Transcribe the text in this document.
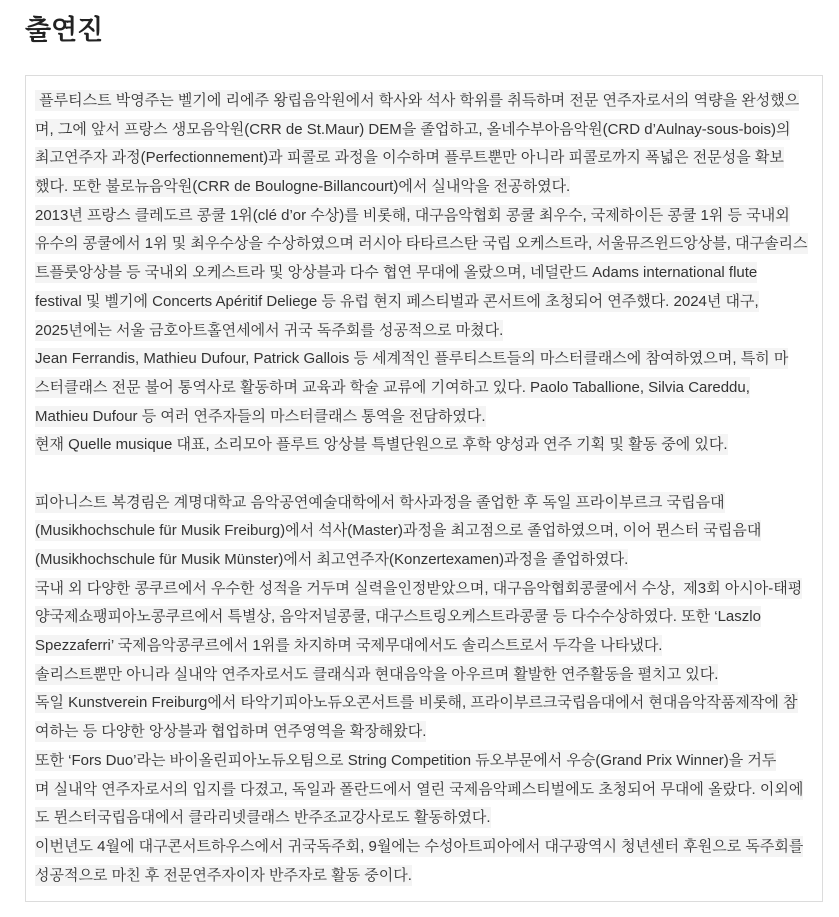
출연진
플루티스트 박영주는 벨기에 리에주 왕립음악원에서 학사와 석사 학위를 취득하며 전문 연주자로서의 역량을 완성했으
며, 그에 앞서 프랑스 생모음악원(CRR de St.Maur) DEM을 졸업하고, 올네수부아음악원(CRD d’Aulnay-sous-bois)의
최고연주자 과정(Perfectionnement)과 피콜로 과정을 이수하며 플루트뿐만 아니라 피콜로까지 폭넓은 전문성을 확보
했다. 또한 불로뉴음악원(CRR de Boulogne-Billancourt)에서 실내악을 전공하였다.
2013년 프랑스 클레도르 콩쿨 1위(clé d’or 수상)를 비롯해, 대구음악협회 콩쿨 최우수, 국제하이든 콩쿨 1위 등 국내외
유수의 콩쿨에서 1위 및 최우수상을 수상하였으며 러시아 타타르스탄 국립 오케스트라, 서울뮤즈윈드앙상블, 대구솔리스
트플룻앙상블 등 국내외 오케스트라 및 앙상블과 다수 협연 무대에 올랐으며, 네덜란드 Adams international flute
festival 및 벨기에 Concerts Apéritif Deliege 등 유럽 현지 페스티벌과 콘서트에 초청되어 연주했다. 2024년 대구,
2025년에는 서울 금호아트홀연세에서 귀국 독주회를 성공적으로 마쳤다.
Jean Ferrandis, Mathieu Dufour, Patrick Gallois 등 세계적인 플루티스트들의 마스터클래스에 참여하였으며, 특히 마
스터클래스 전문 불어 통역사로 활동하며 교육과 학술 교류에 기여하고 있다. Paolo Taballione, Silvia Careddu,
Mathieu Dufour 등 여러 연주자들의 마스터클래스 통역을 전담하였다.
현재 Quelle musique 대표, 소리모아 플루트 앙상블 특별단원으로 후학 양성과 연주 기획 및 활동 중에 있다.
피아니스트 복경림은 계명대학교 음악공연예술대학에서 학사과정을 졸업한 후 독일 프라이부르크 국립음대
(Musikhochschule für Musik Freiburg)에서 석사(Master)과정을 최고점으로 졸업하였으며, 이어 뮌스터 국립음대
(Musikhochschule für Musik Münster)에서 최고연주자(Konzertexamen)과정을 졸업하였다.
국내 외 다양한 콩쿠르에서 우수한 성적을 거두며 실력을인정받았으며, 대구음악협회콩쿨에서 수상,  제3회 아시아-태평
양국제쇼팽피아노콩쿠르에서 특별상, 음악저널콩쿨, 대구스트링오케스트라콩쿨 등 다수수상하였다. 또한 ‘Laszlo
Spezzaferri’ 국제음악콩쿠르에서 1위를 차지하며 국제무대에서도 솔리스트로서 두각을 나타냈다.
솔리스트뿐만 아니라 실내악 연주자로서도 클래식과 현대음악을 아우르며 활발한 연주활동을 펼치고 있다.
독일 Kunstverein Freiburg에서 타악기피아노듀오콘서트를 비롯해, 프라이부르크국립음대에서 현대음악작품제작에 참
여하는 등 다양한 앙상블과 협업하며 연주영역을 확장해왔다.
또한 ‘Fors Duo’라는 바이올린피아노듀오팀으로 String Competition 듀오부문에서 우승(Grand Prix Winner)을 거두
며 실내악 연주자로서의 입지를 다졌고, 독일과 폴란드에서 열린 국제음악페스티벌에도 초청되어 무대에 올랐다. 이외에
도 뮌스터국립음대에서 클라리넷클래스 반주조교강사로도 활동하였다.
이번년도 4월에 대구콘서트하우스에서 귀국독주회, 9월에는 수성아트피아에서 대구광역시 청년센터 후원으로 독주회를
성공적으로 마친 후 전문연주자이자 반주자로 활동 중이다.
